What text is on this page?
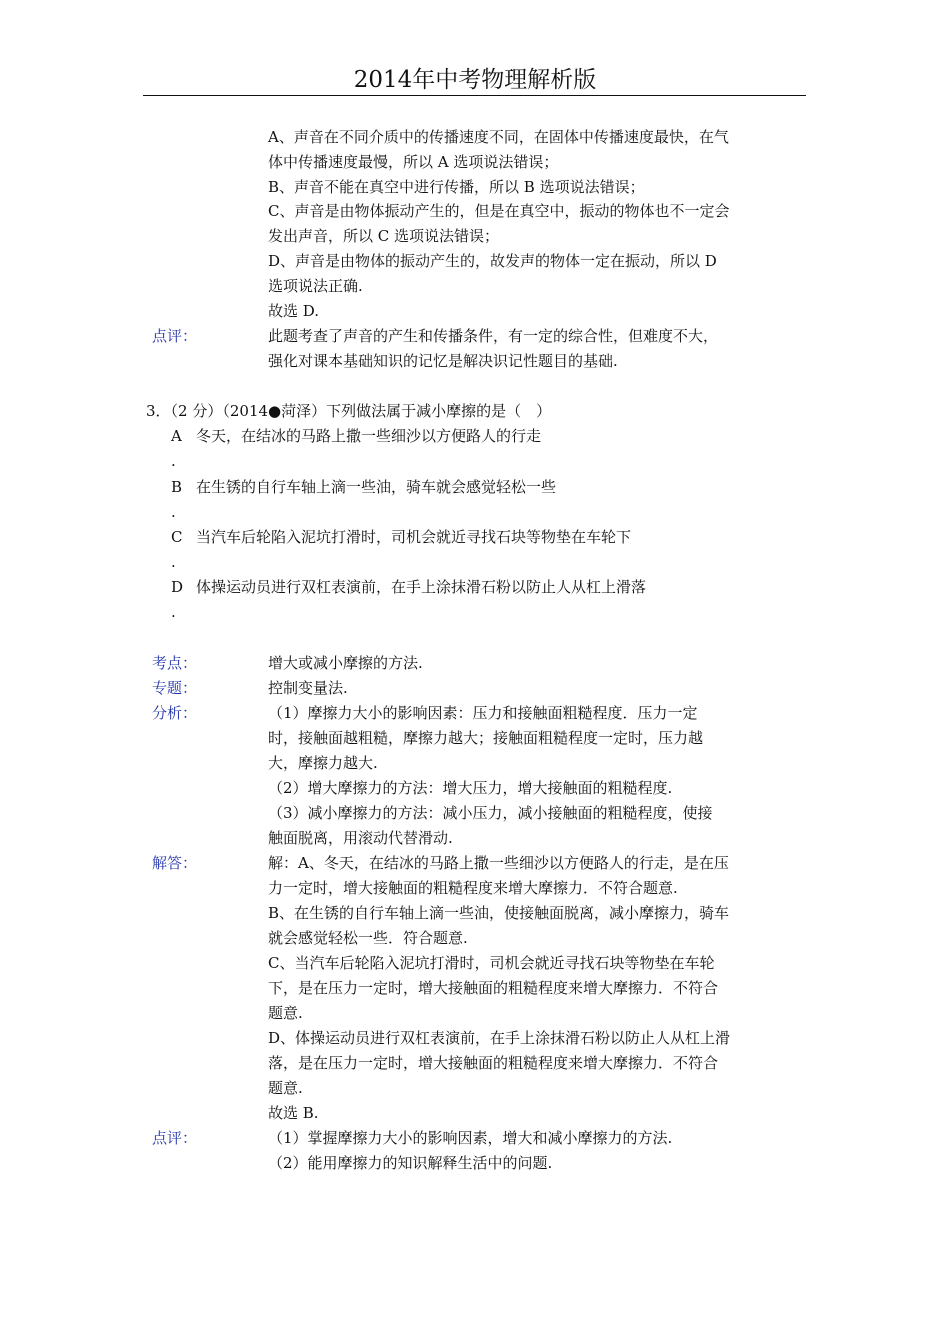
2014年中考物理解析版
A、声音在不同介质中的传播速度不同，在固体中传播速度最快，在气
体中传播速度最慢，所以 A 选项说法错误；
B、声音不能在真空中进行传播，所以 B 选项说法错误；
C、声音是由物体振动产生的，但是在真空中，振动的物体也不一定会
发出声音，所以 C 选项说法错误；
D、声音是由物体的振动产生的，故发声的物体一定在振动，所以 D
选项说法正确.
故选 D.
点评：	此题考查了声音的产生和传播条件，有一定的综合性，但难度不大，
强化对课本基础知识的记忆是解决识记性题目的基础.
3．（2 分）（2014●菏泽）下列做法属于减小摩擦的是（　）
A 冬天，在结冰的马路上撒一些细沙以方便路人的行走
.
B 在生锈的自行车轴上滴一些油，骑车就会感觉轻松一些
.
C 当汽车后轮陷入泥坑打滑时，司机会就近寻找石块等物垫在车轮下
.
D 体操运动员进行双杠表演前，在手上涂抹滑石粉以防止人从杠上滑落
.
考点：	增大或减小摩擦的方法.
专题：	控制变量法.
分析：	（1）摩擦力大小的影响因素：压力和接触面粗糙程度．压力一定
时，接触面越粗糙，摩擦力越大；接触面粗糙程度一定时，压力越
大，摩擦力越大.
（2）增大摩擦力的方法：增大压力，增大接触面的粗糙程度.
（3）减小摩擦力的方法：减小压力，减小接触面的粗糙程度，使接
触面脱离，用滚动代替滑动.
解答：	解：A、冬天，在结冰的马路上撒一些细沙以方便路人的行走，是在压
力一定时，增大接触面的粗糙程度来增大摩擦力．不符合题意.
B、在生锈的自行车轴上滴一些油，使接触面脱离，减小摩擦力，骑车
就会感觉轻松一些．符合题意.
C、当汽车后轮陷入泥坑打滑时，司机会就近寻找石块等物垫在车轮
下，是在压力一定时，增大接触面的粗糙程度来增大摩擦力．不符合
题意.
D、体操运动员进行双杠表演前，在手上涂抹滑石粉以防止人从杠上滑
落，是在压力一定时，增大接触面的粗糙程度来增大摩擦力．不符合
题意.
故选 B.
点评：	（1）掌握摩擦力大小的影响因素，增大和减小摩擦力的方法.
（2）能用摩擦力的知识解释生活中的问题.
